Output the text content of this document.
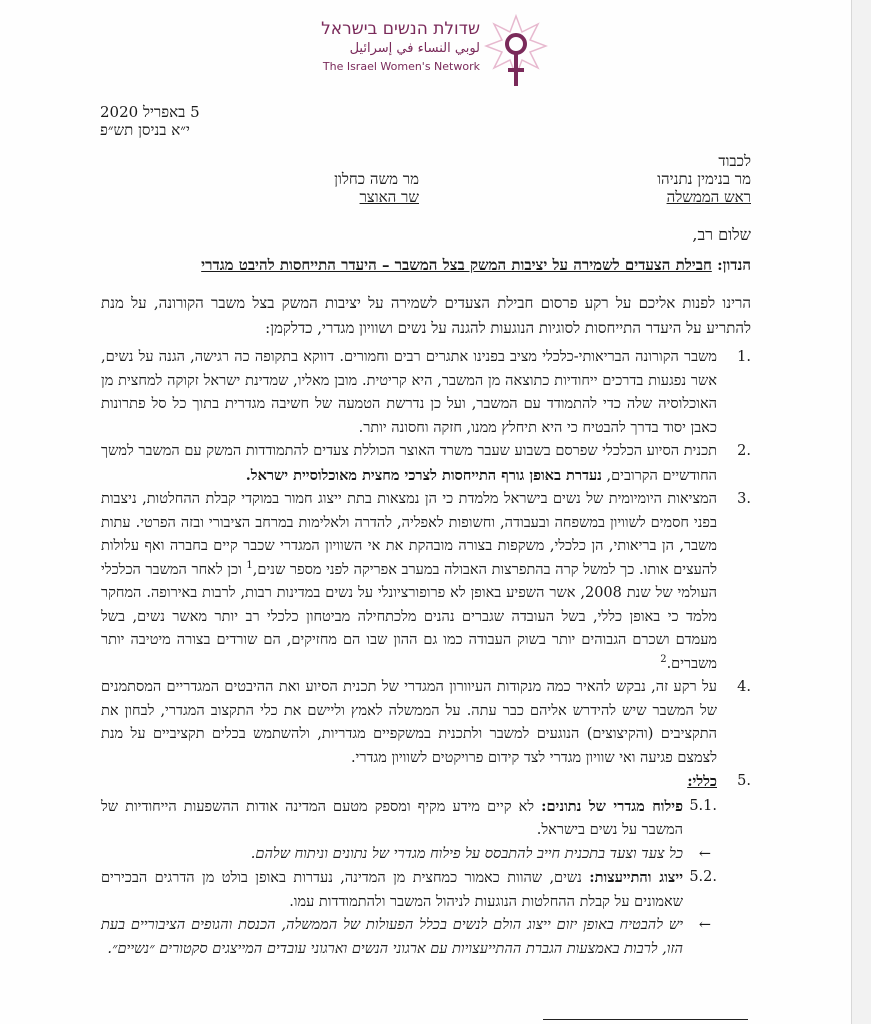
שדולת הנשים בישראל
لوبي النساء في إسرائيل
The Israel Women's Network
5 באפריל 2020
י״א בניסן תש״פ
לכבוד
מר בנימין נתניהו
ראש הממשלה
מר משה כחלון
שר האוצר
שלום רב,
הנדון: חבילת הצעדים לשמירה על יציבות המשק בצל המשבר – היעדר התייחסות להיבט מגדרי
הרינו לפנות אליכם על רקע פרסום חבילת הצעדים לשמירה על יציבות המשק בצל משבר הקורונה, על מנת להתריע על היעדר התייחסות לסוגיות הנוגעות להגנה על נשים ושוויון מגדרי, כדלקמן:
1.
משבר הקורונה הבריאותי-כלכלי מציב בפנינו אתגרים רבים וחמורים. דווקא בתקופה כה רגישה, הגנה על נשים, אשר נפגעות בדרכים ייחודיות כתוצאה מן המשבר, היא קריטית. מובן מאליו, שמדינת ישראל זקוקה למחצית מן האוכלוסיה שלה כדי להתמודד עם המשבר, ועל כן נדרשת הטמעה של חשיבה מגדרית בתוך כל סל פתרונות כאבן יסוד בדרך להבטיח כי היא תיחלץ ממנו, חזקה וחסונה יותר.
2.
תכנית הסיוע הכלכלי שפרסם בשבוע שעבר משרד האוצר הכוללת צעדים להתמודדות המשק עם המשבר למשך החודשיים הקרובים, נעדרת באופן גורף התייחסות לצרכי מחצית מאוכלוסיית ישראל.
3.
המציאות היומיומית של נשים בישראל מלמדת כי הן נמצאות בתת ייצוג חמור במוקדי קבלת ההחלטות, ניצבות בפני חסמים לשוויון במשפחה ובעבודה, וחשופות לאפליה, להדרה ולאלימות במרחב הציבורי ובזה הפרטי. עתות משבר, הן בריאותי, הן כלכלי, משקפות בצורה מובהקת את אי השוויון המגדרי שכבר קיים בחברה ואף עלולות להעצים אותו. כך למשל קרה בהתפרצות האבולה במערב אפריקה לפני מספר שנים,$^1$ וכן לאחר המשבר הכלכלי העולמי של שנת 2008, אשר השפיע באופן לא פרופורציונלי על נשים במדינות רבות, לרבות באירופה. המחקר מלמד כי באופן כללי, בשל העובדה שגברים נהנים מלכתחילה מביטחון כלכלי רב יותר מאשר נשים, בשל מעמדם ושכרם הגבוהים יותר בשוק העבודה כמו גם ההון שבו הם מחזיקים, הם שורדים בצורה מיטיבה יותר משברים.$^2$
4.
על רקע זה, נבקש להאיר כמה מנקודות העיוורון המגדרי של תכנית הסיוע ואת ההיבטים המגדריים המסתמנים של המשבר שיש להידרש אליהם כבר עתה. על הממשלה לאמץ וליישם את כלי התקצוב המגדרי, לבחון את התקציבים (והקיצוצים) הנוגעים למשבר ולתכנית במשקפיים מגדריות, ולהשתמש בכלים תקציביים על מנת לצמצם פגיעה ואי שוויון מגדרי לצד קידום פרויקטים לשוויון מגדרי.
5.
כללי:
5.1.
פילוח מגדרי של נתונים: לא קיים מידע מקיף ומספק מטעם המדינה אודות ההשפעות הייחודיות של המשבר על נשים בישראל.
←
כל צעד וצעד בתכנית חייב להתבסס על פילוח מגדרי של נתונים וניתוח שלהם.
5.2.
ייצוג והתייעצות: נשים, שהוות כאמור כמחצית מן המדינה, נעדרות באופן בולט מן הדרגים הבכירים שאמונים על קבלת ההחלטות הנוגעות לניהול המשבר ולהתמודדות עמו.
←
יש להבטיח באופן יזום ייצוג הולם לנשים בכלל הפעולות של הממשלה, הכנסת והגופים הציבוריים בעת הזו, לרבות באמצעות הגברת ההתייעצויות עם ארגוני הנשים וארגוני עובדים המייצגים סקטורים ״נשיים״.
